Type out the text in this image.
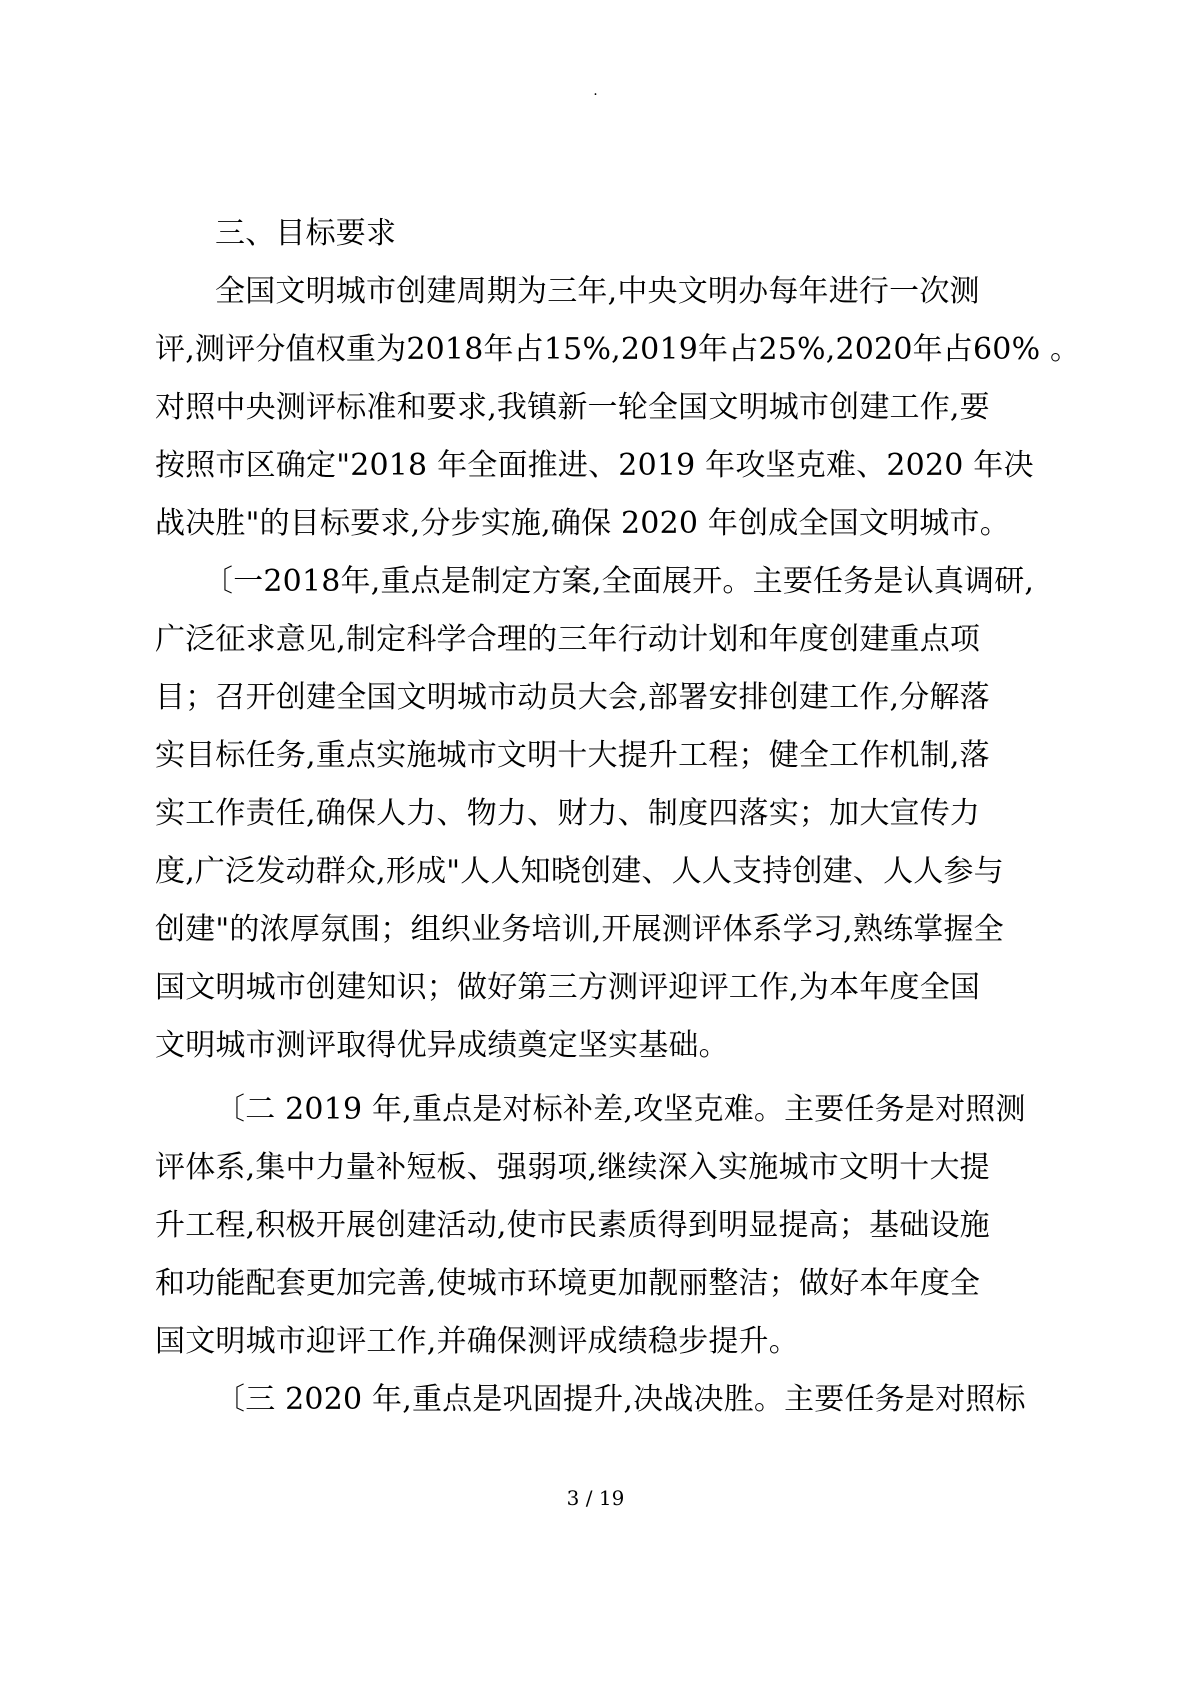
.
三、目标要求
全国文明城市创建周期为三年,中央文明办每年进行一次测
评,测评分值权重为2018年占15%,2019年占25%,2020年占60% 。
对照中央测评标准和要求,我镇新一轮全国文明城市创建工作,要
按照市区确定"2018 年全面推进、2019 年攻坚克难、2020 年决
战决胜"的目标要求,分步实施,确保 2020 年创成全国文明城市。
〔一2018年,重点是制定方案,全面展开。主要任务是认真调研,
广泛征求意见,制定科学合理的三年行动计划和年度创建重点项
目；召开创建全国文明城市动员大会,部署安排创建工作,分解落
实目标任务,重点实施城市文明十大提升工程；健全工作机制,落
实工作责任,确保人力、物力、财力、制度四落实；加大宣传力
度,广泛发动群众,形成"人人知晓创建、人人支持创建、人人参与
创建"的浓厚氛围；组织业务培训,开展测评体系学习,熟练掌握全
国文明城市创建知识；做好第三方测评迎评工作,为本年度全国
文明城市测评取得优异成绩奠定坚实基础。
〔二 2019 年,重点是对标补差,攻坚克难。主要任务是对照测
评体系,集中力量补短板、强弱项,继续深入实施城市文明十大提
升工程,积极开展创建活动,使市民素质得到明显提高；基础设施
和功能配套更加完善,使城市环境更加靓丽整洁；做好本年度全
国文明城市迎评工作,并确保测评成绩稳步提升。
〔三 2020 年,重点是巩固提升,决战决胜。主要任务是对照标
3 / 19
